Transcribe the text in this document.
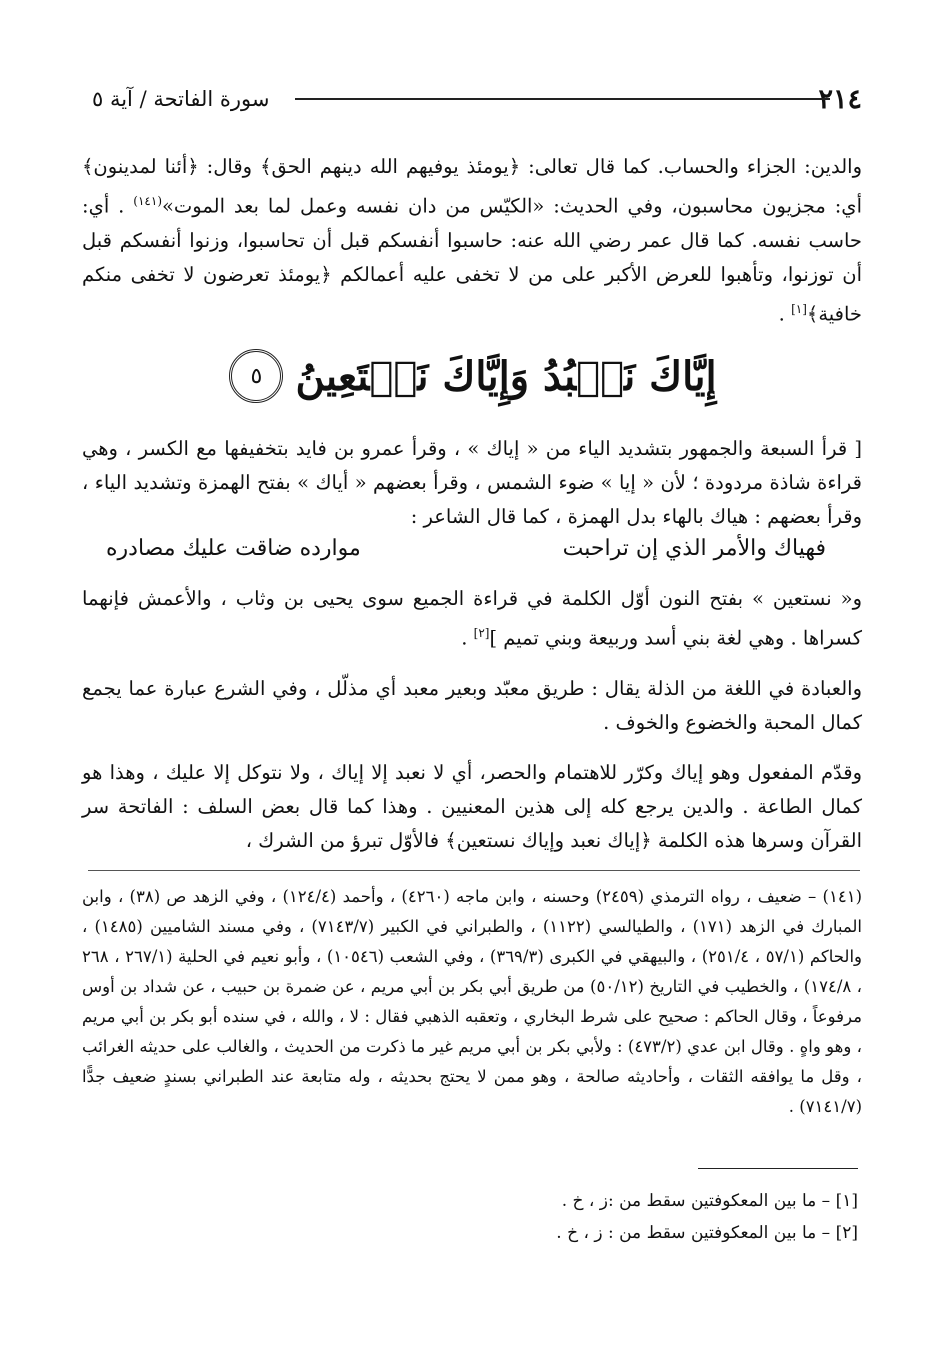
٢١٤
سورة الفاتحة / آية ٥

والدين: الجزاء والحساب. كما قال تعالى: ﴿يومئذ يوفيهم الله دينهم الحق﴾ وقال: ﴿أئنا لمدينون﴾ أي: مجزيون محاسبون، وفي الحديث: «الكيّس من دان نفسه وعمل لما بعد الموت»$^{(١٤١)}$ . أي: حاسب نفسه. كما قال عمر رضي الله عنه: حاسبوا أنفسكم قبل أن تحاسبوا، وزنوا أنفسكم قبل أن توزنوا، وتأهبوا للعرض الأكبر على من لا تخفى عليه أعمالكم ﴿يومئذ تعرضون لا تخفى منكم خافية﴾[١] .

إِيَّاكَ نَعۡبُدُ وَإِيَّاكَ نَسۡتَعِينُ
٥

[ قرأ السبعة والجمهور بتشديد الياء من « إياك » ، وقرأ عمرو بن فايد بتخفيفها مع الكسر ، وهي قراءة شاذة مردودة ؛ لأن « إيا » ضوء الشمس ، وقرأ بعضهم « أياك » بفتح الهمزة وتشديد الياء ، وقرأ بعضهم : هياك بالهاء بدل الهمزة ، كما قال الشاعر :

فهياك والأمر الذي إن تراحبت
موارده ضاقت عليك مصادره

و« نستعين » بفتح النون أوّل الكلمة في قراءة الجميع سوى يحيى بن وثاب ، والأعمش فإنهما كسراها . وهي لغة بني أسد وربيعة وبني تميم ][٢] .

والعبادة في اللغة من الذلة يقال : طريق معبّد وبعير معبد أي مذلّل ، وفي الشرع عبارة عما يجمع كمال المحبة والخضوع والخوف .

وقدّم المفعول وهو إياك وكرّر للاهتمام والحصر، أي لا نعبد إلا إياك ، ولا نتوكل إلا عليك ، وهذا هو كمال الطاعة . والدين يرجع كله إلى هذين المعنيين . وهذا كما قال بعض السلف : الفاتحة سر القرآن وسرها هذه الكلمة ﴿إياك نعبد وإياك نستعين﴾ فالأوّل تبرؤ من الشرك ،

(١٤١) – ضعيف ، رواه الترمذي (٢٤٥٩) وحسنه ، وابن ماجه (٤٢٦٠) ، وأحمد (١٢٤/٤) ، وفي الزهد ص (٣٨) ، وابن المبارك في الزهد (١٧١) ، والطيالسي (١١٢٢) ، والطبراني في الكبير (٧١٤٣/٧) ، وفي مسند الشاميين (١٤٨٥) ، والحاكم (٥٧/١ ، ٢٥١/٤) ، والبيهقي في الكبرى (٣٦٩/٣) ، وفي الشعب (١٠٥٤٦) ، وأبو نعيم في الحلية (٢٦٧/١ ، ٢٦٨ ، ١٧٤/٨) ، والخطيب في التاريخ (٥٠/١٢) من طريق أبي بكر بن أبي مريم ، عن ضمرة بن حبيب ، عن شداد بن أوس مرفوعاً ، وقال الحاكم : صحيح على شرط البخاري ، وتعقبه الذهبي فقال : لا ، والله ، في سنده أبو بكر بن أبي مريم ، وهو واهٍ . وقال ابن عدي (٤٧٣/٢) : ولأبي بكر بن أبي مريم غير ما ذكرت من الحديث ، والغالب على حديثه الغرائب ، وقل ما يوافقه الثقات ، وأحاديثه صالحة ، وهو ممن لا يحتج بحديثه ، وله متابعة عند الطبراني بسندٍ ضعيف جدًّا (٧١٤١/٧) .

[١] – ما بين المعكوفتين سقط من :ز ، خ .

[٢] – ما بين المعكوفتين سقط من : ز ، خ .
